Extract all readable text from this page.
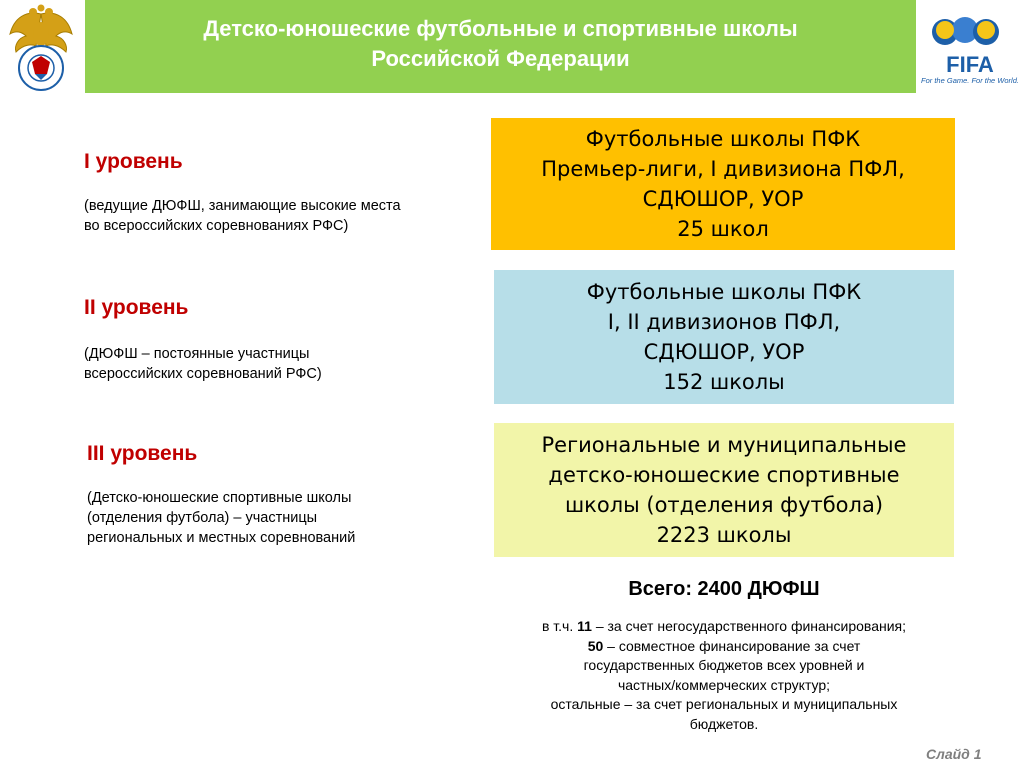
Детско-юношеские футбольные и спортивные школы
Российской Федерации	FIFA
For the Game. For the World.
I уровень
(ведущие ДЮФШ, занимающие высокие места
во всероссийских соревнованиях РФС)
Футбольные школы ПФК
Премьер-лиги, I дивизиона ПФЛ,
СДЮШОР, УОР
25 школ
II уровень
(ДЮФШ – постоянные участницы
всероссийских соревнований РФС)
Футбольные школы ПФК
I, II дивизионов ПФЛ,
СДЮШОР, УОР
152 школы
III уровень
(Детско-юношеские спортивные школы
(отделения футбола) – участницы
региональных и местных соревнований
Региональные и муниципальные
детско-юношеские спортивные
школы (отделения футбола)
2223 школы
Всего: 2400 ДЮФШ
в т.ч. 11 – за счет негосударственного финансирования;
50 – совместное финансирование за счет
государственных бюджетов всех уровней и
частных/коммерческих структур;
остальные – за счет региональных и муниципальных
бюджетов.
Слайд 1
